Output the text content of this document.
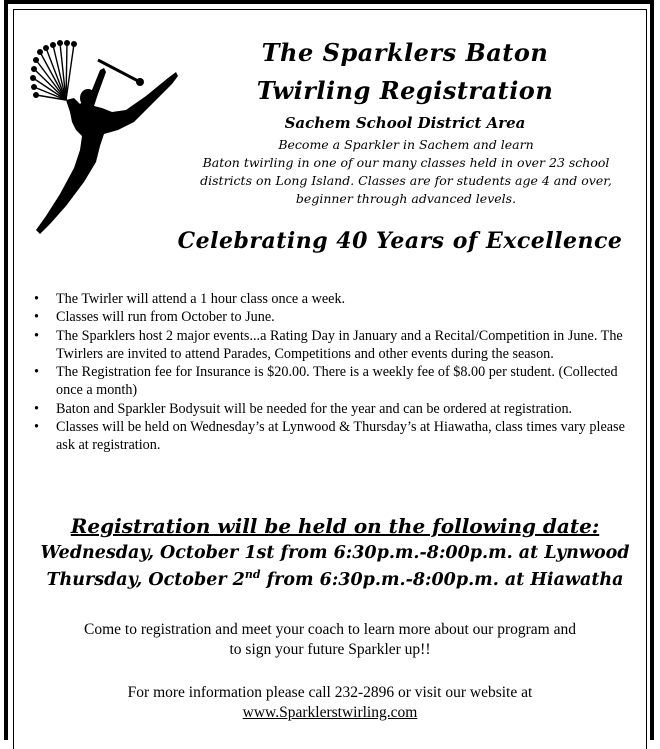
The Sparklers Baton
Twirling Registration
Sachem School District Area
Become a Sparkler in Sachem and learn
Baton twirling in one of our many classes held in over 23 school
districts on Long Island. Classes are for students age 4 and over,
beginner through advanced levels.
Celebrating 40 Years of Excellence
• The Twirler will attend a 1 hour class once a week.
• Classes will run from October to June.
• The Sparklers host 2 major events...a Rating Day in January and a Recital/Competition in June. The Twirlers are invited to attend Parades, Competitions and other events during the season.
• The Registration fee for Insurance is $20.00. There is a weekly fee of $8.00 per student. (Collected once a month)
• Baton and Sparkler Bodysuit will be needed for the year and can be ordered at registration.
• Classes will be held on Wednesday’s at Lynwood & Thursday’s at Hiawatha, class times vary please ask at registration.
Registration will be held on the following date:
Wednesday, October 1st from 6:30p.m.-8:00p.m. at Lynwood
Thursday, October 2nd from 6:30p.m.-8:00p.m. at Hiawatha
Come to registration and meet your coach to learn more about our program and
to sign your future Sparkler up!!
For more information please call 232-2896 or visit our website at
www.Sparklerstwirling.com
